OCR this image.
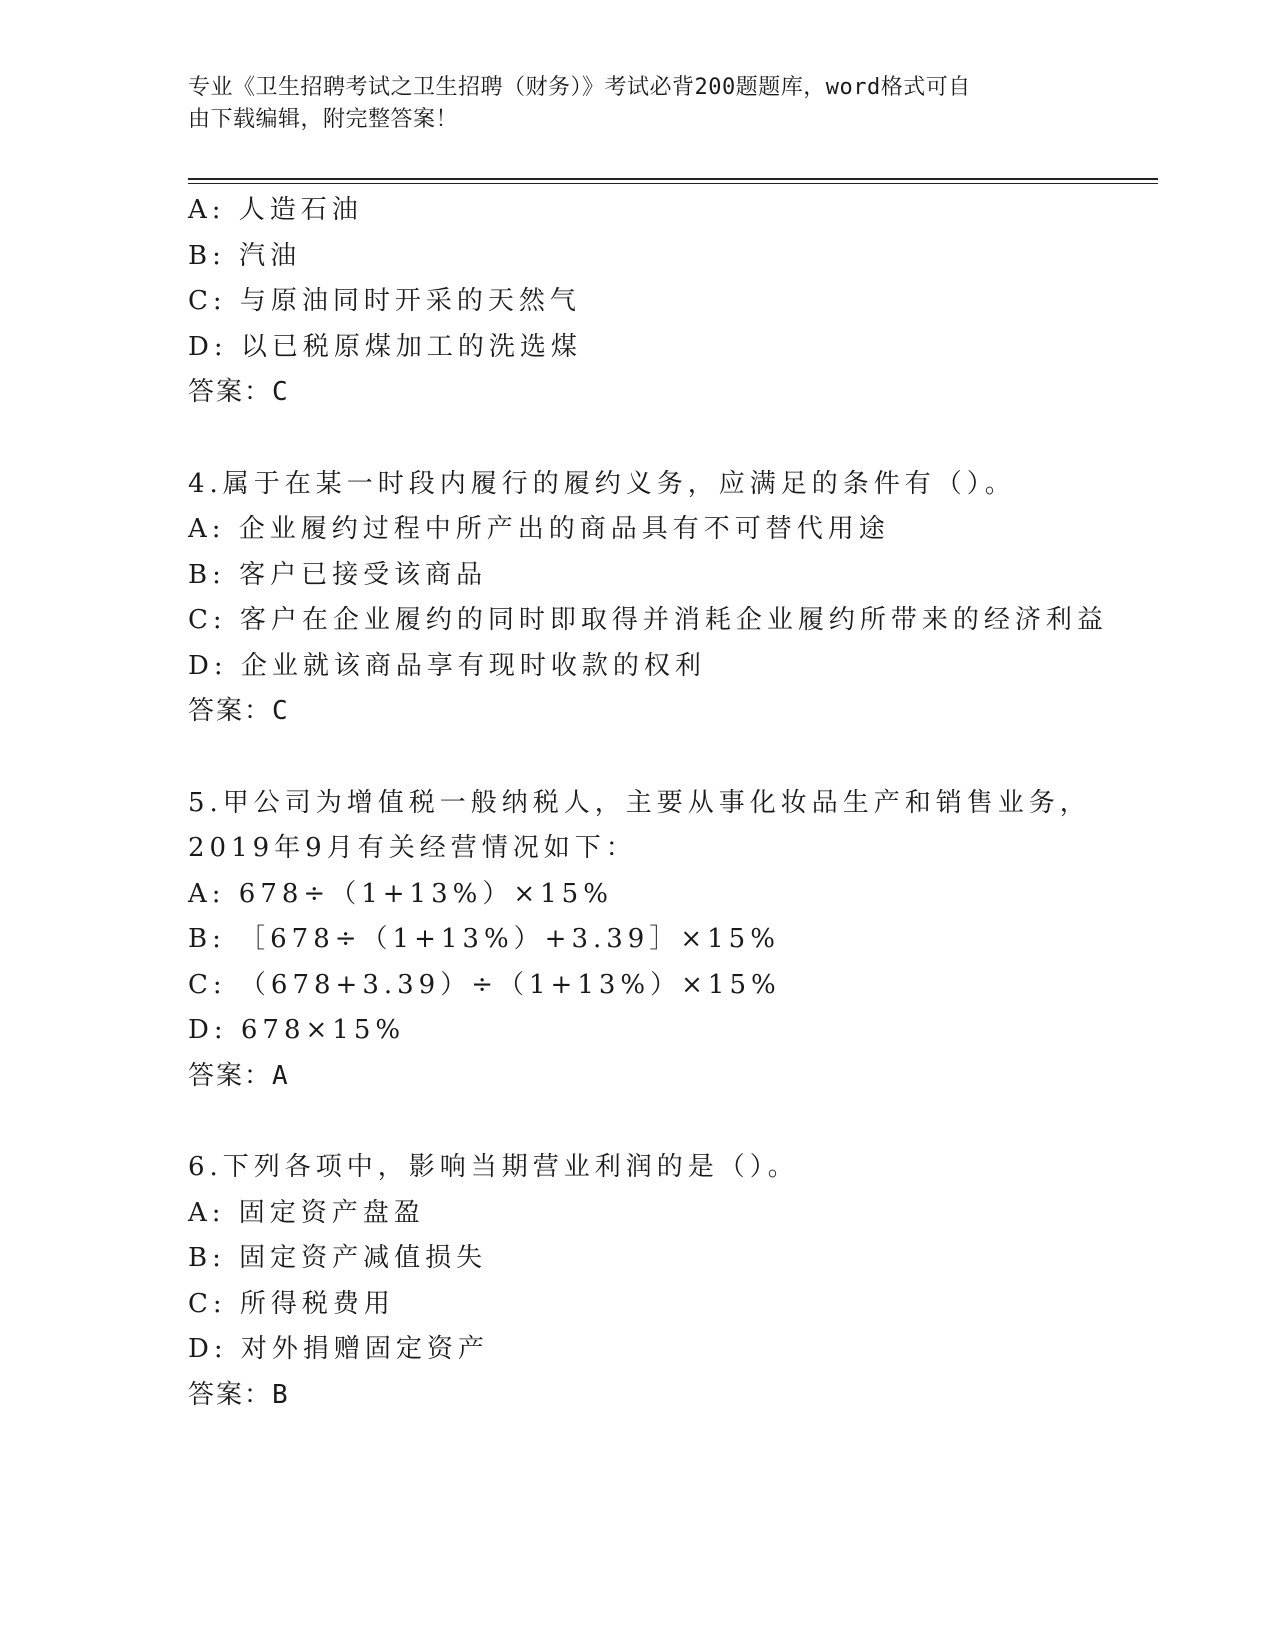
专业《卫生招聘考试之卫生招聘（财务）》考试必背200题题库，word格式可自
由下载编辑，附完整答案！
A: 人造石油
B: 汽油
C: 与原油同时开采的天然气
D: 以已税原煤加工的洗选煤
答案：C
4.属于在某一时段内履行的履约义务，应满足的条件有（）。
A: 企业履约过程中所产出的商品具有不可替代用途
B: 客户已接受该商品
C: 客户在企业履约的同时即取得并消耗企业履约所带来的经济利益
D: 企业就该商品享有现时收款的权利
答案：C
5.甲公司为增值税一般纳税人，主要从事化妆品生产和销售业务，
2019年9月有关经营情况如下：
A: 678÷（1+13%）×15%
B: ［678÷（1+13%）+3.39］×15%
C: （678+3.39）÷（1+13%）×15%
D: 678×15%
答案：A
6.下列各项中，影响当期营业利润的是（）。
A: 固定资产盘盈
B: 固定资产减值损失
C: 所得税费用
D: 对外捐赠固定资产
答案：B
